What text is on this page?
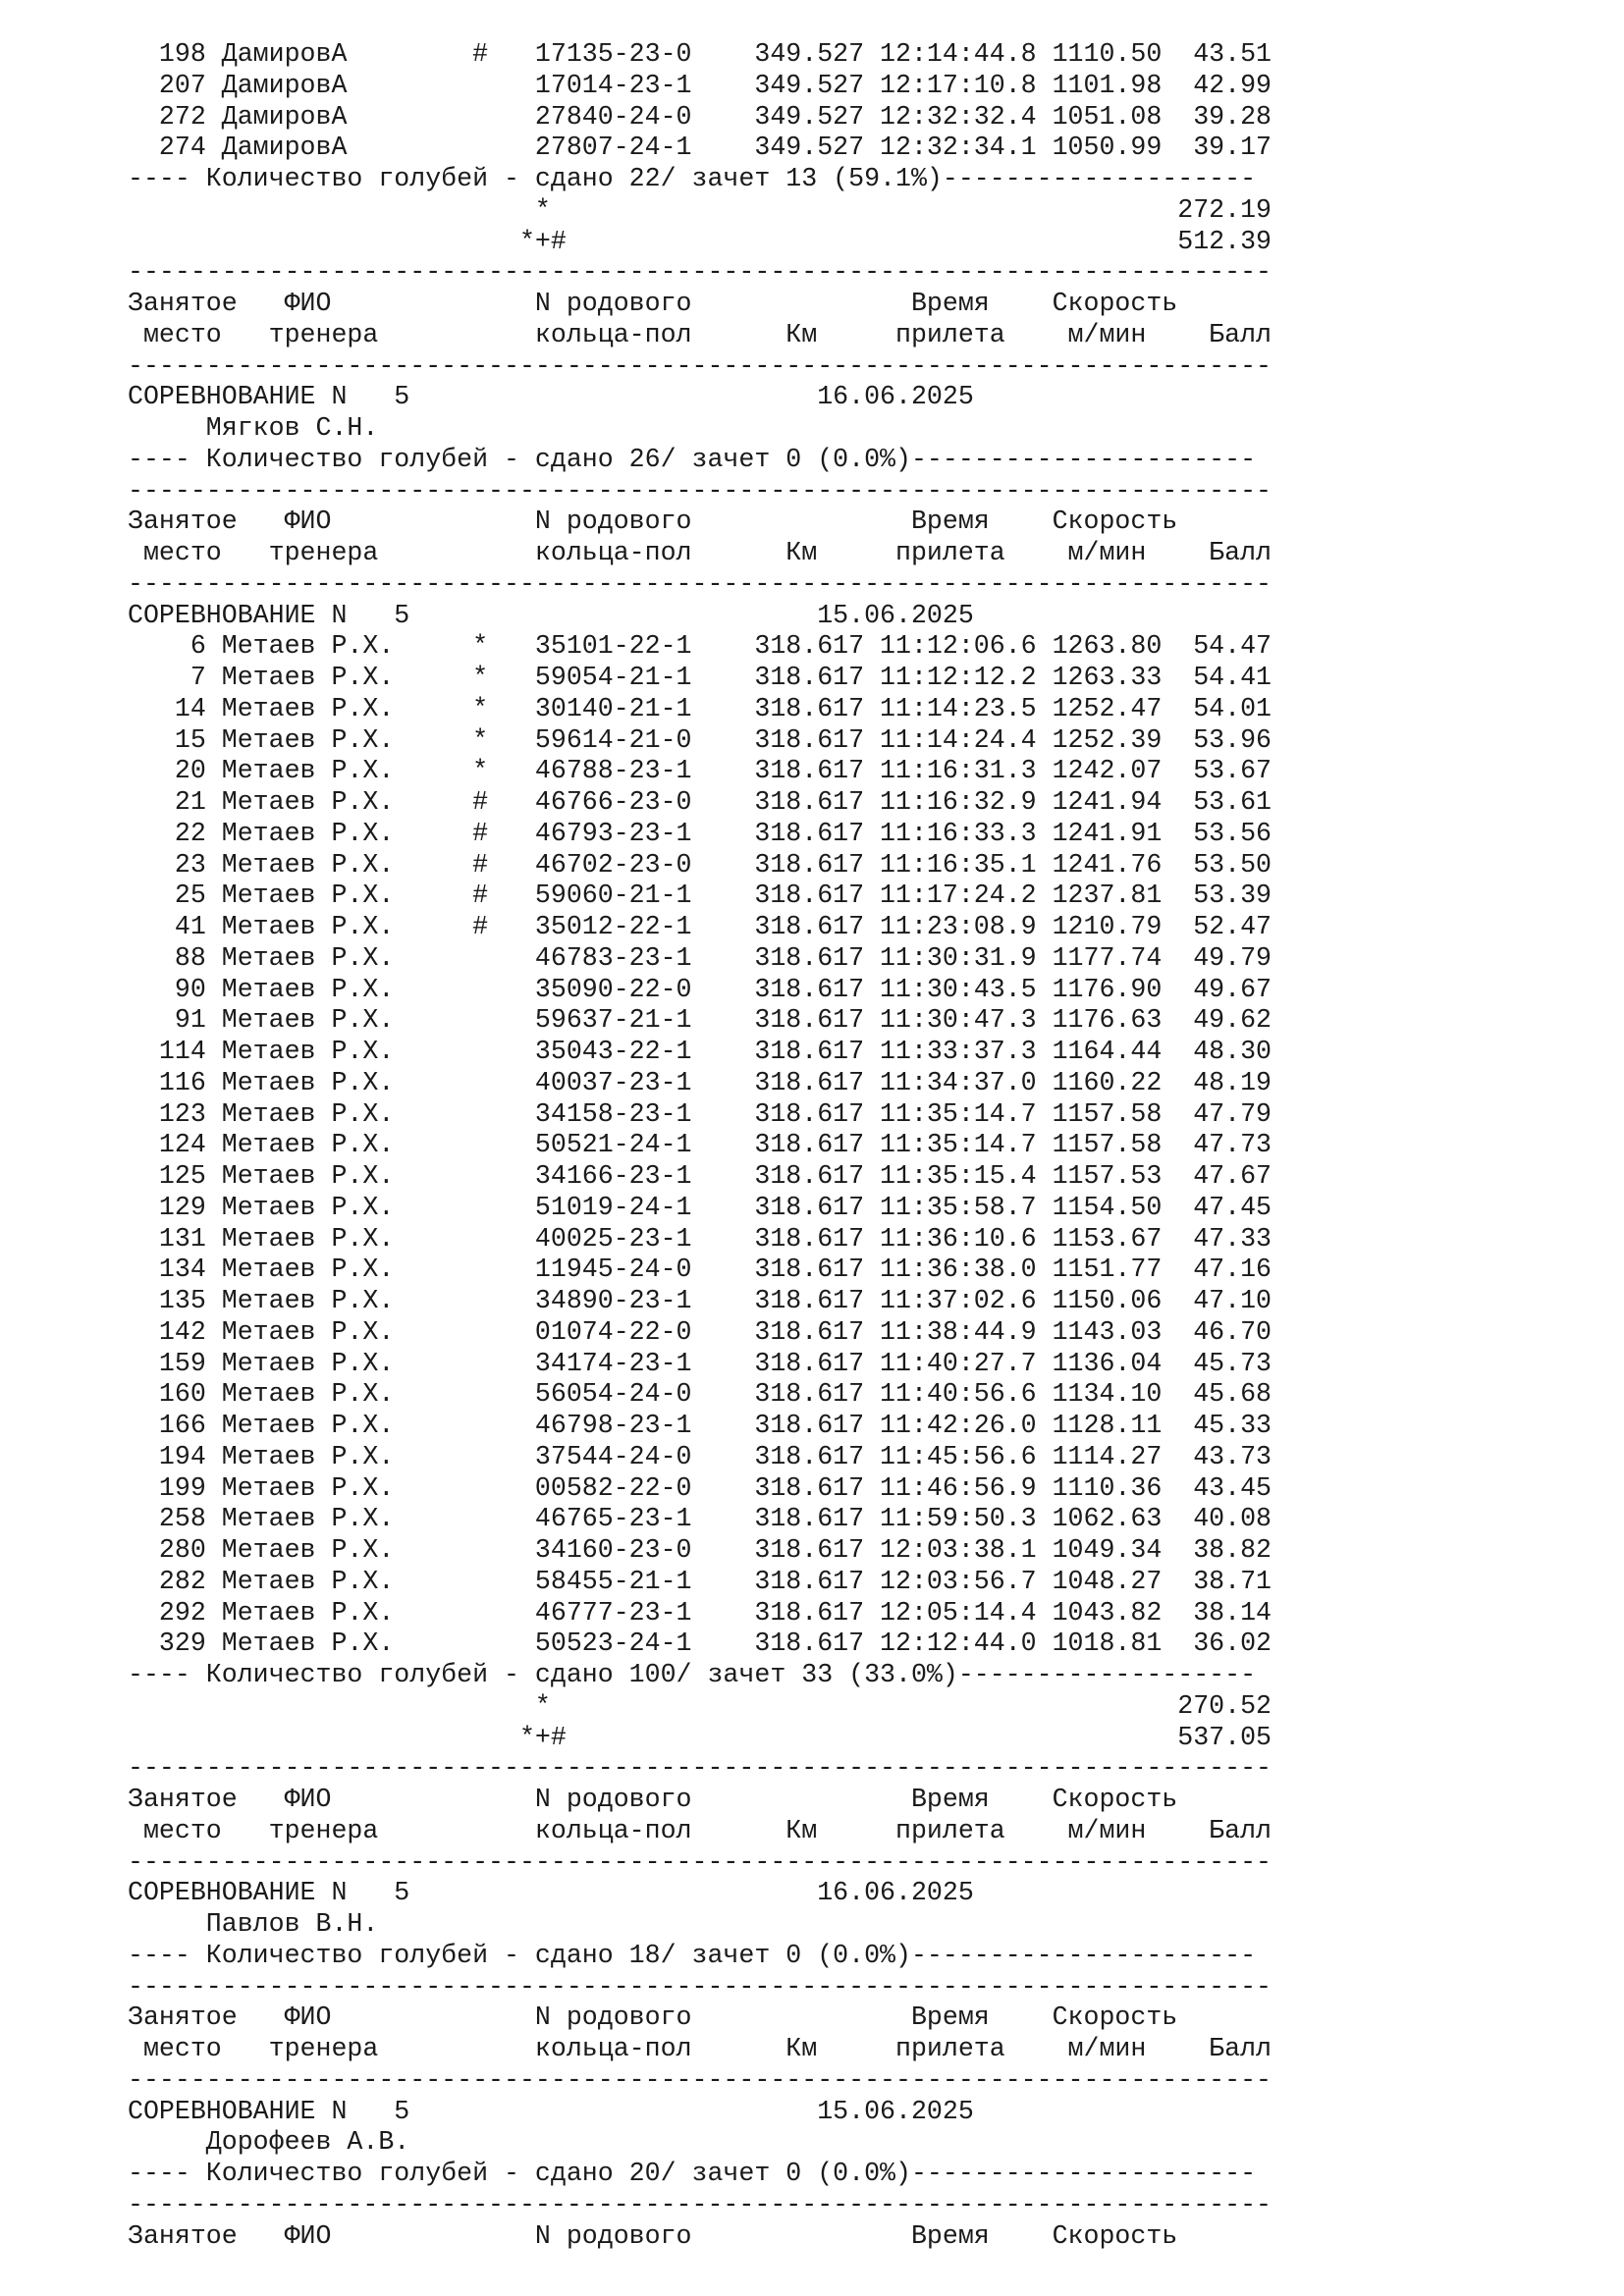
198 ДамировА        #   17135-23-0    349.527 12:14:44.8 1110.50  43.51
207 ДамировА            17014-23-1    349.527 12:17:10.8 1101.98  42.99
272 ДамировА            27840-24-0    349.527 12:32:32.4 1051.08  39.28
274 ДамировА            27807-24-1    349.527 12:32:34.1 1050.99  39.17
---- Количество голубей - сдано 22/ зачет 13 (59.1%)--------------------
*                                        272.19
*+#                                       512.39
-------------------------------------------------------------------------
Занятое   ФИО             N родового              Время    Скорость
место   тренера          кольца-пол      Км     прилета    м/мин    Балл
-------------------------------------------------------------------------
СОРЕВНОВАНИЕ N   5                          16.06.2025
Мягков С.Н.
---- Количество голубей - сдано 26/ зачет 0 (0.0%)----------------------
-------------------------------------------------------------------------
Занятое   ФИО             N родового              Время    Скорость
место   тренера          кольца-пол      Км     прилета    м/мин    Балл
-------------------------------------------------------------------------
СОРЕВНОВАНИЕ N   5                          15.06.2025
6 Метаев Р.Х.     *   35101-22-1    318.617 11:12:06.6 1263.80  54.47
7 Метаев Р.Х.     *   59054-21-1    318.617 11:12:12.2 1263.33  54.41
14 Метаев Р.Х.     *   30140-21-1    318.617 11:14:23.5 1252.47  54.01
15 Метаев Р.Х.     *   59614-21-0    318.617 11:14:24.4 1252.39  53.96
20 Метаев Р.Х.     *   46788-23-1    318.617 11:16:31.3 1242.07  53.67
21 Метаев Р.Х.     #   46766-23-0    318.617 11:16:32.9 1241.94  53.61
22 Метаев Р.Х.     #   46793-23-1    318.617 11:16:33.3 1241.91  53.56
23 Метаев Р.Х.     #   46702-23-0    318.617 11:16:35.1 1241.76  53.50
25 Метаев Р.Х.     #   59060-21-1    318.617 11:17:24.2 1237.81  53.39
41 Метаев Р.Х.     #   35012-22-1    318.617 11:23:08.9 1210.79  52.47
88 Метаев Р.Х.         46783-23-1    318.617 11:30:31.9 1177.74  49.79
90 Метаев Р.Х.         35090-22-0    318.617 11:30:43.5 1176.90  49.67
91 Метаев Р.Х.         59637-21-1    318.617 11:30:47.3 1176.63  49.62
114 Метаев Р.Х.         35043-22-1    318.617 11:33:37.3 1164.44  48.30
116 Метаев Р.Х.         40037-23-1    318.617 11:34:37.0 1160.22  48.19
123 Метаев Р.Х.         34158-23-1    318.617 11:35:14.7 1157.58  47.79
124 Метаев Р.Х.         50521-24-1    318.617 11:35:14.7 1157.58  47.73
125 Метаев Р.Х.         34166-23-1    318.617 11:35:15.4 1157.53  47.67
129 Метаев Р.Х.         51019-24-1    318.617 11:35:58.7 1154.50  47.45
131 Метаев Р.Х.         40025-23-1    318.617 11:36:10.6 1153.67  47.33
134 Метаев Р.Х.         11945-24-0    318.617 11:36:38.0 1151.77  47.16
135 Метаев Р.Х.         34890-23-1    318.617 11:37:02.6 1150.06  47.10
142 Метаев Р.Х.         01074-22-0    318.617 11:38:44.9 1143.03  46.70
159 Метаев Р.Х.         34174-23-1    318.617 11:40:27.7 1136.04  45.73
160 Метаев Р.Х.         56054-24-0    318.617 11:40:56.6 1134.10  45.68
166 Метаев Р.Х.         46798-23-1    318.617 11:42:26.0 1128.11  45.33
194 Метаев Р.Х.         37544-24-0    318.617 11:45:56.6 1114.27  43.73
199 Метаев Р.Х.         00582-22-0    318.617 11:46:56.9 1110.36  43.45
258 Метаев Р.Х.         46765-23-1    318.617 11:59:50.3 1062.63  40.08
280 Метаев Р.Х.         34160-23-0    318.617 12:03:38.1 1049.34  38.82
282 Метаев Р.Х.         58455-21-1    318.617 12:03:56.7 1048.27  38.71
292 Метаев Р.Х.         46777-23-1    318.617 12:05:14.4 1043.82  38.14
329 Метаев Р.Х.         50523-24-1    318.617 12:12:44.0 1018.81  36.02
---- Количество голубей - сдано 100/ зачет 33 (33.0%)-------------------
*                                        270.52
*+#                                       537.05
-------------------------------------------------------------------------
Занятое   ФИО             N родового              Время    Скорость
место   тренера          кольца-пол      Км     прилета    м/мин    Балл
-------------------------------------------------------------------------
СОРЕВНОВАНИЕ N   5                          16.06.2025
Павлов В.Н.
---- Количество голубей - сдано 18/ зачет 0 (0.0%)----------------------
-------------------------------------------------------------------------
Занятое   ФИО             N родового              Время    Скорость
место   тренера          кольца-пол      Км     прилета    м/мин    Балл
-------------------------------------------------------------------------
СОРЕВНОВАНИЕ N   5                          15.06.2025
Дорофеев А.В.
---- Количество голубей - сдано 20/ зачет 0 (0.0%)----------------------
-------------------------------------------------------------------------
Занятое   ФИО             N родового              Время    Скорость
